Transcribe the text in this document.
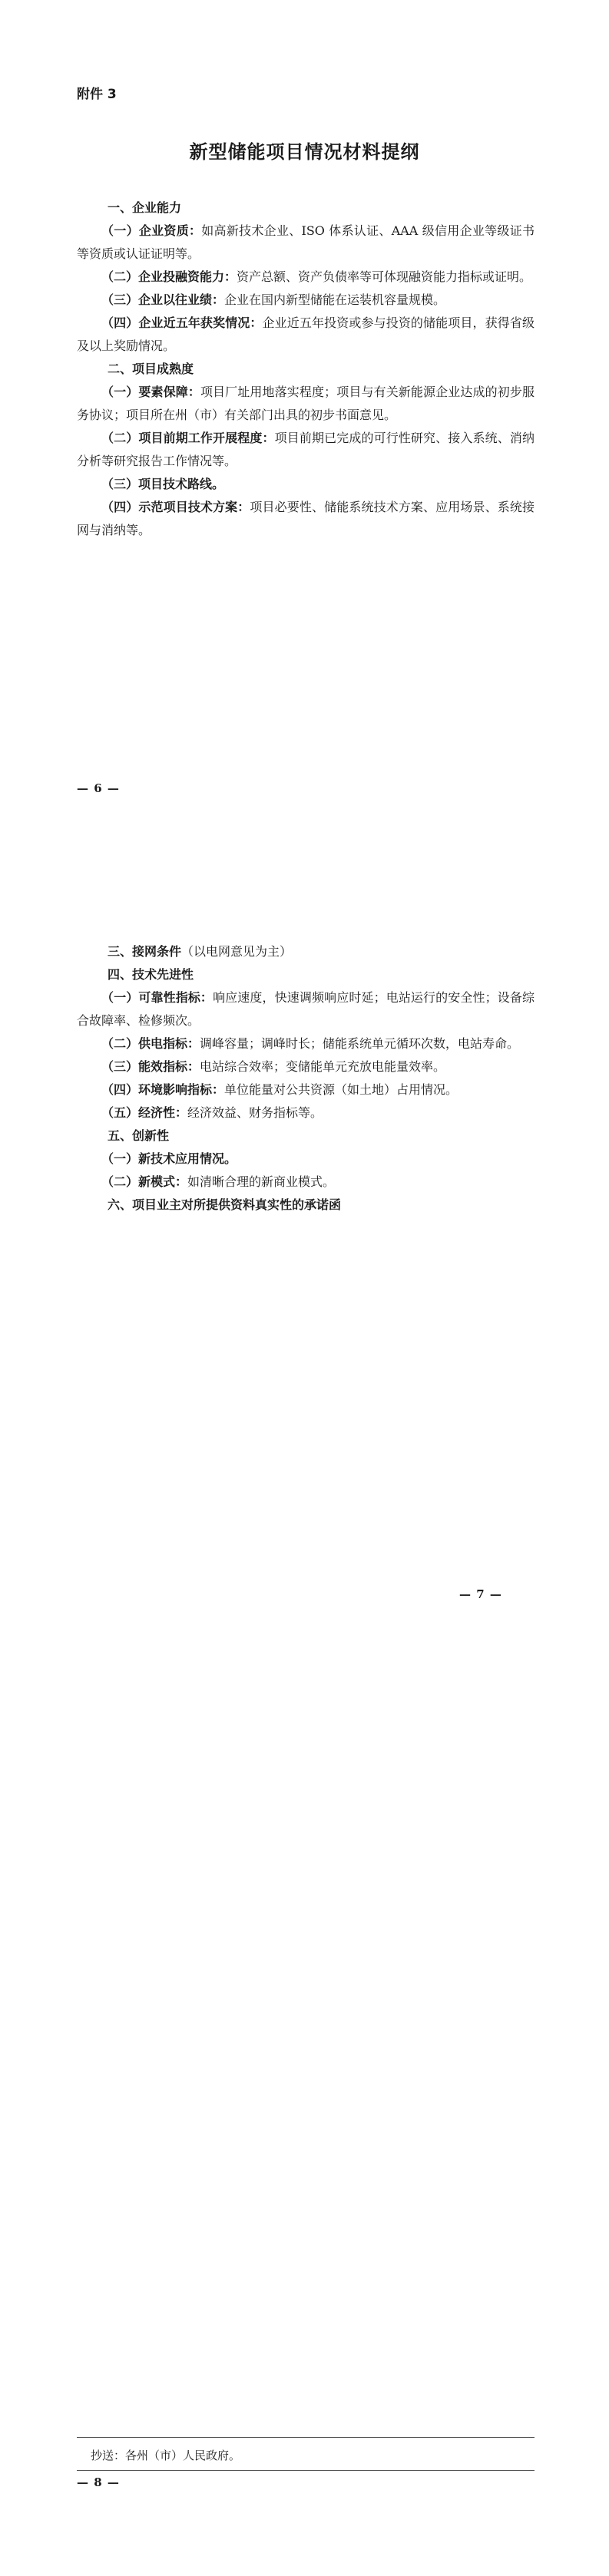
附件 3
新型储能项目情况材料提纲

一、企业能力

（一）企业资质：如高新技术企业、ISO 体系认证、AAA 级信用企业等级证书等资质或认证证明等。

（二）企业投融资能力：资产总额、资产负债率等可体现融资能力指标或证明。

（三）企业以往业绩：企业在国内新型储能在运装机容量规模。

（四）企业近五年获奖情况：企业近五年投资或参与投资的储能项目，获得省级及以上奖励情况。

二、项目成熟度

（一）要素保障：项目厂址用地落实程度；项目与有关新能源企业达成的初步服务协议；项目所在州（市）有关部门出具的初步书面意见。

（二）项目前期工作开展程度：项目前期已完成的可行性研究、接入系统、消纳分析等研究报告工作情况等。

（三）项目技术路线。

（四）示范项目技术方案：项目必要性、储能系统技术方案、应用场景、系统接网与消纳等。

— 6 —

三、接网条件（以电网意见为主）

四、技术先进性

（一）可靠性指标：响应速度，快速调频响应时延；电站运行的安全性；设备综合故障率、检修频次。

（二）供电指标：调峰容量；调峰时长；储能系统单元循环次数，电站寿命。

（三）能效指标：电站综合效率；变储能单元充放电能量效率。

（四）环境影响指标：单位能量对公共资源（如土地）占用情况。

（五）经济性：经济效益、财务指标等。

五、创新性

（一）新技术应用情况。

（二）新模式：如清晰合理的新商业模式。

六、项目业主对所提供资料真实性的承诺函

— 7 —
抄送：各州（市）人民政府。
— 8 —
